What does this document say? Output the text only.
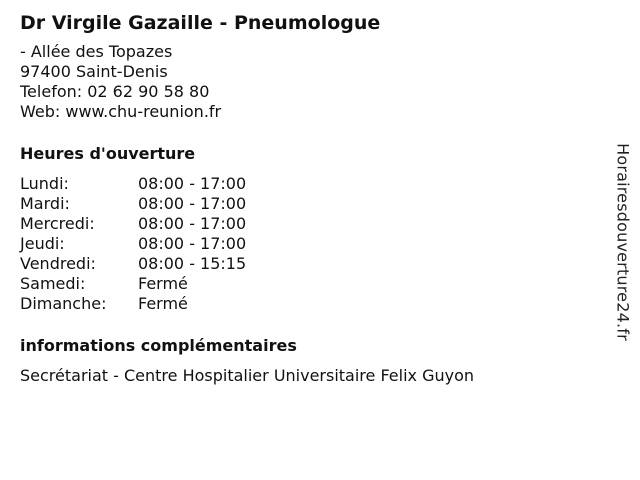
Dr Virgile Gazaille - Pneumologue
- Allée des Topazes
97400 Saint-Denis
Telefon: 02 62 90 58 80
Web: www.chu-reunion.fr
Heures d'ouverture
Lundi:	08:00 - 17:00
Mardi:	08:00 - 17:00
Mercredi:	08:00 - 17:00
Jeudi:	08:00 - 17:00
Vendredi:	08:00 - 15:15
Samedi:	Fermé
Dimanche:	Fermé
informations complémentaires
Secrétariat - Centre Hospitalier Universitaire Felix Guyon
Horairesdouverture24.fr
